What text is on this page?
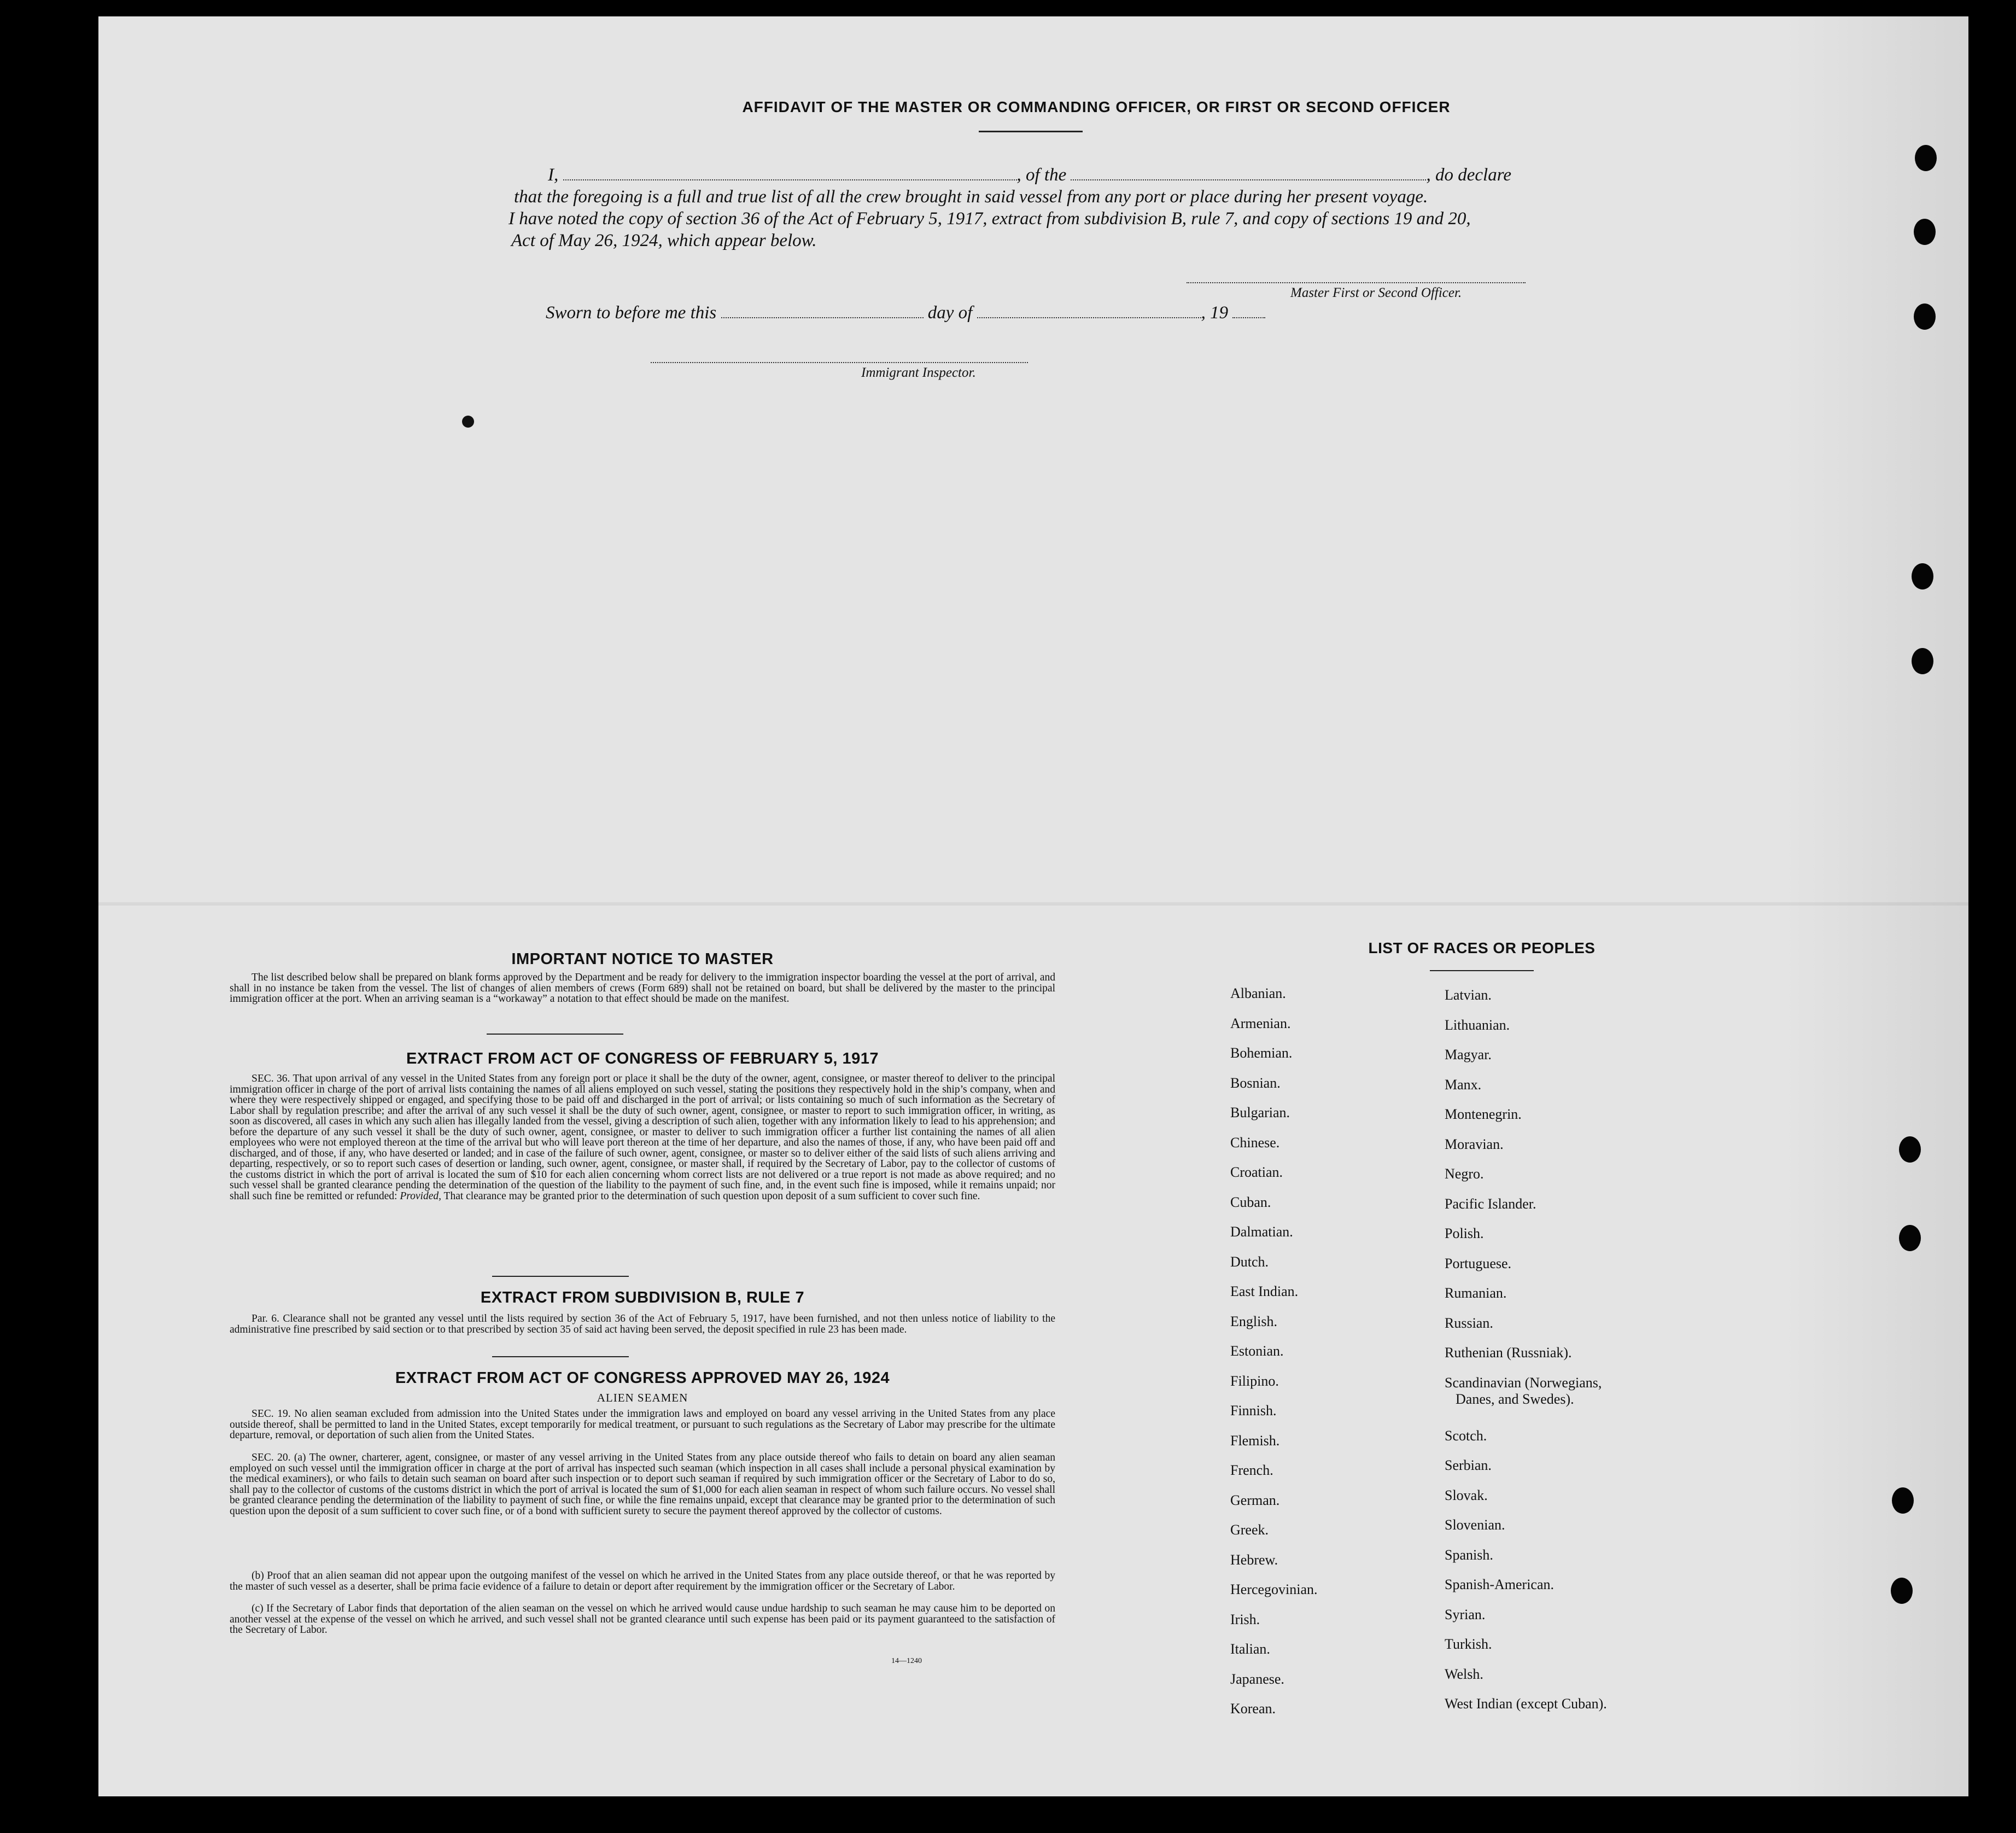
AFFIDAVIT OF THE MASTER OR COMMANDING OFFICER, OR FIRST OR SECOND OFFICER
I,	, of the	, do declare
that the foregoing is a full and true list of all the crew brought in said vessel from any port or place during her present voyage.
I have noted the copy of section 36 of the Act of February 5, 1917, extract from subdivision B, rule 7, and copy of sections 19 and 20,
Act of May 26, 1924, which appear below.
Master First or Second Officer.
Sworn to before me this	day of	, 19
Immigrant Inspector.
IMPORTANT NOTICE TO MASTER

The list described below shall be prepared on blank forms approved by the Department and be ready for delivery to the immigration inspector boarding the vessel at the port of arrival, and shall in no instance be taken from the vessel. The list of changes of alien members of crews (Form 689) shall not be retained on board, but shall be delivered by the master to the principal immigration officer at the port. When an arriving seaman is a “workaway” a notation to that effect should be made on the manifest.

EXTRACT FROM ACT OF CONGRESS OF FEBRUARY 5, 1917

SEC. 36. That upon arrival of any vessel in the United States from any foreign port or place it shall be the duty of the owner, agent, consignee, or master thereof to deliver to the principal immigration officer in charge of the port of arrival lists containing the names of all aliens employed on such vessel, stating the positions they respectively hold in the ship’s company, when and where they were respectively shipped or engaged, and specifying those to be paid off and discharged in the port of arrival; or lists containing so much of such information as the Secretary of Labor shall by regulation prescribe; and after the arrival of any such vessel it shall be the duty of such owner, agent, consignee, or master to report to such immigration officer, in writing, as soon as discovered, all cases in which any such alien has illegally landed from the vessel, giving a description of such alien, together with any information likely to lead to his apprehension; and before the departure of any such vessel it shall be the duty of such owner, agent, consignee, or master to deliver to such immigration officer a further list containing the names of all alien employees who were not employed thereon at the time of the arrival but who will leave port thereon at the time of her departure, and also the names of those, if any, who have been paid off and discharged, and of those, if any, who have deserted or landed; and in case of the failure of such owner, agent, consignee, or master so to deliver either of the said lists of such aliens arriving and departing, respectively, or so to report such cases of desertion or landing, such owner, agent, consignee, or master shall, if required by the Secretary of Labor, pay to the collector of customs of the customs district in which the port of arrival is located the sum of $10 for each alien concerning whom correct lists are not delivered or a true report is not made as above required; and no such vessel shall be granted clearance pending the determination of the question of the liability to the payment of such fine, and, in the event such fine is imposed, while it remains unpaid; nor shall such fine be remitted or refunded: Provided, That clearance may be granted prior to the determination of such question upon deposit of a sum sufficient to cover such fine.

EXTRACT FROM SUBDIVISION B, RULE 7

Par. 6. Clearance shall not be granted any vessel until the lists required by section 36 of the Act of February 5, 1917, have been furnished, and not then unless notice of liability to the administrative fine prescribed by said section or to that prescribed by section 35 of said act having been served, the deposit specified in rule 23 has been made.

EXTRACT FROM ACT OF CONGRESS APPROVED MAY 26, 1924
ALIEN SEAMEN

SEC. 19. No alien seaman excluded from admission into the United States under the immigration laws and employed on board any vessel arriving in the United States from any place outside thereof, shall be permitted to land in the United States, except temporarily for medical treatment, or pursuant to such regulations as the Secretary of Labor may prescribe for the ultimate departure, removal, or deportation of such alien from the United States.

SEC. 20. (a) The owner, charterer, agent, consignee, or master of any vessel arriving in the United States from any place outside thereof who fails to detain on board any alien seaman employed on such vessel until the immigration officer in charge at the port of arrival has inspected such seaman (which inspection in all cases shall include a personal physical examination by the medical examiners), or who fails to detain such seaman on board after such inspection or to deport such seaman if required by such immigration officer or the Secretary of Labor to do so, shall pay to the collector of customs of the customs district in which the port of arrival is located the sum of $1,000 for each alien seaman in respect of whom such failure occurs. No vessel shall be granted clearance pending the determination of the liability to payment of such fine, or while the fine remains unpaid, except that clearance may be granted prior to the determination of such question upon the deposit of a sum sufficient to cover such fine, or of a bond with sufficient surety to secure the payment thereof approved by the collector of customs.

(b) Proof that an alien seaman did not appear upon the outgoing manifest of the vessel on which he arrived in the United States from any place outside thereof, or that he was reported by the master of such vessel as a deserter, shall be prima facie evidence of a failure to detain or deport after requirement by the immigration officer or the Secretary of Labor.

(c) If the Secretary of Labor finds that deportation of the alien seaman on the vessel on which he arrived would cause undue hardship to such seaman he may cause him to be deported on another vessel at the expense of the vessel on which he arrived, and such vessel shall not be granted clearance until such expense has been paid or its payment guaranteed to the satisfaction of the Secretary of Labor.

14—1240
LIST OF RACES OR PEOPLES
Albanian.
Armenian.
Bohemian.
Bosnian.
Bulgarian.
Chinese.
Croatian.
Cuban.
Dalmatian.
Dutch.
East Indian.
English.
Estonian.
Filipino.
Finnish.
Flemish.
French.
German.
Greek.
Hebrew.
Hercegovinian.
Irish.
Italian.
Japanese.
Korean.
Latvian.
Lithuanian.
Magyar.
Manx.
Montenegrin.
Moravian.
Negro.
Pacific Islander.
Polish.
Portuguese.
Rumanian.
Russian.
Ruthenian (Russniak).
Scandinavian (Norwegians,
Danes, and Swedes).
Scotch.
Serbian.
Slovak.
Slovenian.
Spanish.
Spanish-American.
Syrian.
Turkish.
Welsh.
West Indian (except Cuban).
